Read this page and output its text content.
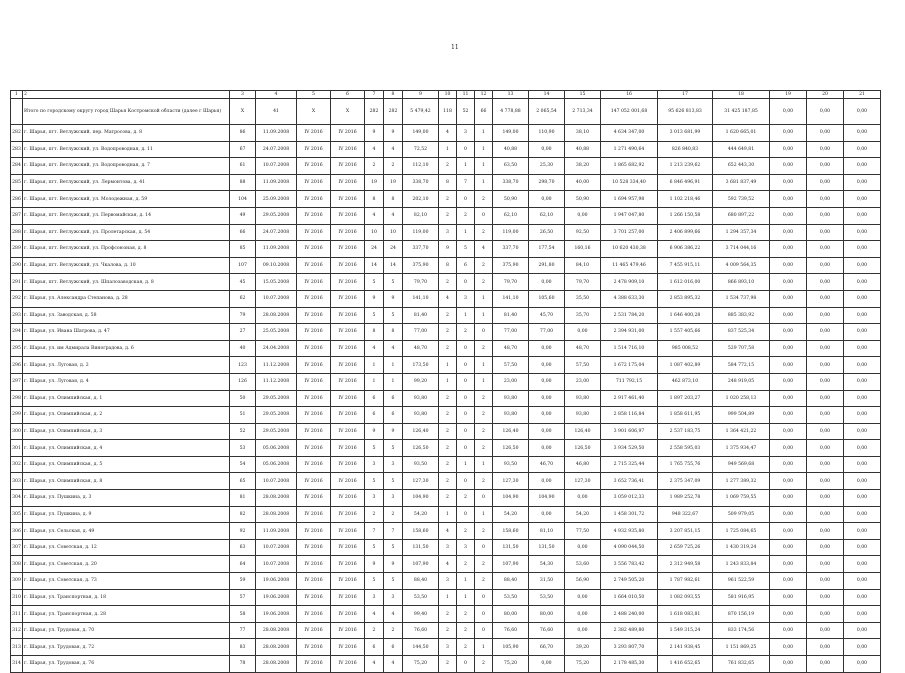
11
1	2	3	4	5	6	7	8	9	10	11	12	13	14	15	16	17	18	19	20	21
	Итого по городскому округу город Шарья Костромской области (далее г Шарья)	X	41	X	X	282	282	5 479,42	118	52	66	4 778,88	2 065,54	2 713,34	147 052 001,68	95 626 813,83	31 425 187,85	0,00	0,00	0,00
282	г. Шарья, пгт. Ветлужский, пер. Матросова, д. 8	86	11.09.2008	IV 2016	IV 2016	9	9	149,00	4	3	1	149,00	110,90	38,10	4 634 347,00	3 013 681,99	1 620 665,01	0,00	0,00	0,00
283	г. Шарья, пгт. Ветлужский, ул. Водопроводная, д. 11	67	24.07.2008	IV 2016	IV 2016	4	4	72,52	1	0	1	40,88	0,00	40,88	1 271 490,64	826 840,83	444 649,81	0,00	0,00	0,00
284	г. Шарья, пгт. Ветлужский, ул. Водопроводная, д. 7	61	10.07.2008	IV 2016	IV 2016	2	2	112,10	2	1	1	63,50	25,30	38,20	1 865 682,92	1 213 239,62	652 443,30	0,00	0,00	0,00
285	г. Шарья, пгт. Ветлужский, ул. Лермонтова, д. 41	88	11.09.2008	IV 2016	IV 2016	19	19	338,70	8	7	1	338,70	298,70	40,00	10 528 334,40	6 846 496,91	3 681 837,49	0,00	0,00	0,00
286	г. Шарья, пгт. Ветлужский, ул. Молодежная, д. 59	104	25.09.2008	IV 2016	IV 2016	8	8	202,10	2	0	2	50,90	0,00	50,90	1 694 957,98	1 102 218,46	592 739,52	0,00	0,00	0,00
287	г. Шарья, пгт. Ветлужский, ул. Первомайская, д. 14	49	29.05.2008	IV 2016	IV 2016	4	4	82,10	2	2	0	62,10	62,10	0,00	1 947 047,80	1 266 150,58	680 897,22	0,00	0,00	0,00
288	г. Шарья, пгт. Ветлужский, ул. Пролетарская, д. 54	66	24.07.2008	IV 2016	IV 2016	10	10	119,00	3	1	2	119,00	26,50	92,50	3 701 257,00	2 406 899,66	1 294 357,34	0,00	0,00	0,00
289	г. Шарья, пгт. Ветлужский, ул. Профсоюзная, д. 8	85	11.09.2008	IV 2016	IV 2016	24	24	337,70	9	5	4	337,70	177,54	160,16	10 620 430,38	6 906 386,22	3 714 044,16	0,00	0,00	0,00
290	г. Шарья, пгт. Ветлужский, ул. Чкалова, д. 10	107	09.10.2008	IV 2016	IV 2016	14	14	375,90	8	6	2	375,90	291,80	84,10	11 465 479,46	7 455 915,11	4 009 564,35	0,00	0,00	0,00
291	г. Шарья, пгт. Ветлужский, ул. Шпалозаводская, д. 8	45	15.05.2008	IV 2016	IV 2016	5	5	79,70	2	0	2	79,70	0,00	79,70	2 478 909,10	1 612 016,00	866 893,10	0,00	0,00	0,00
292	г. Шарья, ул. Александра Степанова, д. 28	62	10.07.2008	IV 2016	IV 2016	9	9	141,10	4	3	1	141,10	105,60	35,50	4 388 633,30	2 853 895,32	1 534 737,98	0,00	0,00	0,00
293	г. Шарья, ул. Заводская, д. 58	79	28.08.2008	IV 2016	IV 2016	5	5	81,40	2	1	1	81,40	45,70	35,70	2 531 784,20	1 646 400,28	885 383,92	0,00	0,00	0,00
294	г. Шарья, ул. Ивана Шатрова, д. 47	27	25.05.2008	IV 2016	IV 2016	8	8	77,00	2	2	0	77,00	77,00	0,00	2 394 931,00	1 557 405,66	837 525,34	0,00	0,00	0,00
295	г. Шарья, ул. им Адмирала Виноградова, д. 6	40	24.04.2008	IV 2016	IV 2016	4	4	48,70	2	0	2	48,70	0,00	48,70	1 514 716,10	985 008,52	529 707,58	0,00	0,00	0,00
296	г. Шарья, ул. Луговая, д. 2	123	11.12.2008	IV 2016	IV 2016	1	1	173,50	1	0	1	57,50	0,00	57,50	1 672 175,04	1 087 402,89	584 772,15	0,00	0,00	0,00
297	г. Шарья, ул. Луговая, д. 4	126	11.12.2008	IV 2016	IV 2016	1	1	99,20	1	0	1	23,00	0,00	23,00	711 792,15	462 873,10	248 919,05	0,00	0,00	0,00
298	г. Шарья, ул. Олимпийская, д. 1	50	29.05.2008	IV 2016	IV 2016	6	6	93,80	2	0	2	93,80	0,00	93,80	2 917 461,40	1 897 203,27	1 020 258,13	0,00	0,00	0,00
299	г. Шарья, ул. Олимпийская, д. 2	51	29.05.2008	IV 2016	IV 2016	6	6	93,80	2	0	2	93,80	0,00	93,80	2 858 116,84	1 858 611,95	999 504,89	0,00	0,00	0,00
300	г. Шарья, ул. Олимпийская, д. 3	52	29.05.2008	IV 2016	IV 2016	9	9	126,40	2	0	2	126,40	0,00	126,40	3 901 606,97	2 537 183,75	1 364 421,22	0,00	0,00	0,00
301	г. Шарья, ул. Олимпийская, д. 4	53	05.06.2008	IV 2016	IV 2016	5	5	126,50	2	0	2	126,50	0,00	126,50	3 934 529,50	2 558 595,03	1 375 934,47	0,00	0,00	0,00
302	г. Шарья, ул. Олимпийская, д. 5	54	05.06.2008	IV 2016	IV 2016	3	3	93,50	2	1	1	93,50	46,70	46,80	2 715 325,44	1 765 755,76	949 569,68	0,00	0,00	0,00
303	г. Шарья, ул. Олимпийская, д. 8	65	10.07.2008	IV 2016	IV 2016	5	5	127,30	2	0	2	127,30	0,00	127,30	3 652 736,41	2 375 347,09	1 277 389,32	0,00	0,00	0,00
304	г. Шарья, ул. Пушкина, д. 3	81	28.08.2008	IV 2016	IV 2016	3	3	104,90	2	2	0	104,90	104,90	0,00	3 059 012,33	1 989 252,78	1 069 759,55	0,00	0,00	0,00
305	г. Шарья, ул. Пушкина, д. 9	82	28.08.2008	IV 2016	IV 2016	2	2	54,20	1	0	1	54,20	0,00	54,20	1 458 301,72	948 322,67	509 979,05	0,00	0,00	0,00
306	г. Шарья, ул. Сельская, д. 49	92	11.09.2008	IV 2016	IV 2016	7	7	158,60	4	2	2	158,60	81,10	77,50	4 932 935,80	3 207 851,15	1 725 084,65	0,00	0,00	0,00
307	г. Шарья, ул. Советская, д. 12	63	10.07.2008	IV 2016	IV 2016	5	5	131,50	3	3	0	131,50	131,50	0,00	4 090 044,50	2 659 725,26	1 430 319,24	0,00	0,00	0,00
308	г. Шарья, ул. Советская, д. 20	64	10.07.2008	IV 2016	IV 2016	9	9	107,90	4	2	2	107,90	54,30	53,60	3 556 783,42	2 312 949,58	1 243 833,84	0,00	0,00	0,00
309	г. Шарья, ул. Советская, д. 73	59	19.06.2008	IV 2016	IV 2016	5	5	88,40	3	1	2	88,40	31,50	56,90	2 749 505,20	1 787 982,61	961 522,59	0,00	0,00	0,00
310	г. Шарья, ул. Транспортная, д. 18	57	19.06.2008	IV 2016	IV 2016	3	3	53,50	1	1	0	53,50	53,50	0,00	1 664 010,50	1 082 093,55	581 916,95	0,00	0,00	0,00
311	г. Шарья, ул. Транспортная, д. 28	58	19.06.2008	IV 2016	IV 2016	4	4	99,40	2	2	0	80,00	80,00	0,00	2 488 240,00	1 618 083,81	870 156,19	0,00	0,00	0,00
312	г. Шарья, ул. Трудовая, д. 70	77	28.08.2008	IV 2016	IV 2016	2	2	76,60	2	2	0	76,60	76,60	0,00	2 382 489,80	1 549 315,24	833 174,56	0,00	0,00	0,00
313	г. Шарья, ул. Трудовая, д. 72	83	28.08.2008	IV 2016	IV 2016	6	6	144,50	3	2	1	105,90	66,70	39,20	3 293 807,70	2 141 938,45	1 151 869,25	0,00	0,00	0,00
314	г. Шарья, ул. Трудовая, д. 76	78	28.08.2008	IV 2016	IV 2016	4	4	75,20	2	0	2	75,20	0,00	75,20	2 178 485,30	1 416 652,65	761 832,65	0,00	0,00	0,00
